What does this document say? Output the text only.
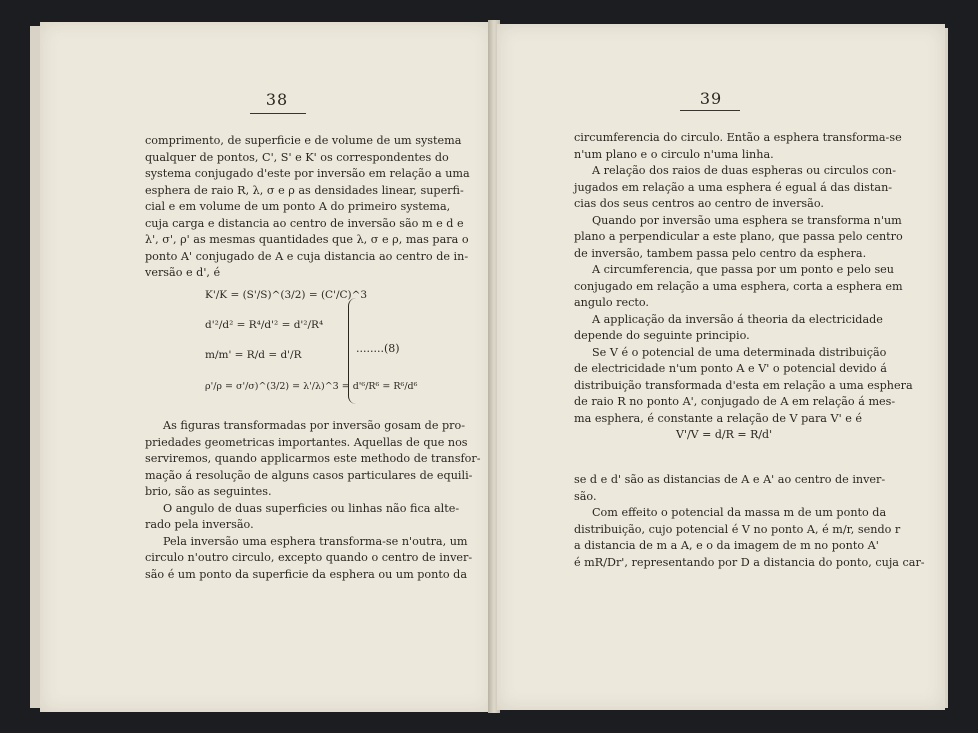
38
comprimento, de superficie e de volume de um systema
qualquer de pontos, C', S' e K' os correspondentes do
systema conjugado d'este por inversão em relação a uma
esphera de raio R, λ, σ e ρ as densidades linear, superfi-
cial e em volume de um ponto A do primeiro systema,
cuja carga e distancia ao centro de inversão são m e d e
λ', σ', ρ' as mesmas quantidades que λ, σ e ρ, mas para o
ponto A' conjugado de A e cuja distancia ao centro de in-
versão e d', é
K'/K = (S'/S)^(3/2) = (C'/C)^3
d'²/d² = R⁴/d'² = d'²/R⁴
m/m' = R/d = d'/R
ρ'/ρ = σ'/σ)^(3/2) = λ'/λ)^3 = d'⁶/R⁶ = R⁶/d⁶
........(8)
As figuras transformadas por inversão gosam de pro-
priedades geometricas importantes. Aquellas de que nos
serviremos, quando applicarmos este methodo de transfor-
mação á resolução de alguns casos particulares de equili-
brio, são as seguintes.
O angulo de duas superficies ou linhas não fica alte-
rado pela inversão.
Pela inversão uma esphera transforma-se n'outra, um
circulo n'outro circulo, excepto quando o centro de inver-
são é um ponto da superficie da esphera ou um ponto da
39
circumferencia do circulo. Então a esphera transforma-se
n'um plano e o circulo n'uma linha.
A relação dos raios de duas espheras ou circulos con-
jugados em relação a uma esphera é egual á das distan-
cias dos seus centros ao centro de inversão.
Quando por inversão uma esphera se transforma n'um
plano a perpendicular a este plano, que passa pelo centro
de inversão, tambem passa pelo centro da esphera.
A circumferencia, que passa por um ponto e pelo seu
conjugado em relação a uma esphera, corta a esphera em
angulo recto.
A applicação da inversão á theoria da electricidade
depende do seguinte principio.
Se V é o potencial de uma determinada distribuição
de electricidade n'um ponto A e V' o potencial devido á
distribuição transformada d'esta em relação a uma esphera
de raio R no ponto A', conjugado de A em relação á mes-
ma esphera, é constante a relação de V para V' e é
V'/V = d/R = R/d'
se d e d' são as distancias de A e A' ao centro de inver-
são.
Com effeito o potencial da massa m de um ponto da
distribuição, cujo potencial é V no ponto A, é m/r, sendo r
a distancia de m a A, e o da imagem de m no ponto A'
é mR/Dr', representando por D a distancia do ponto, cuja car-
